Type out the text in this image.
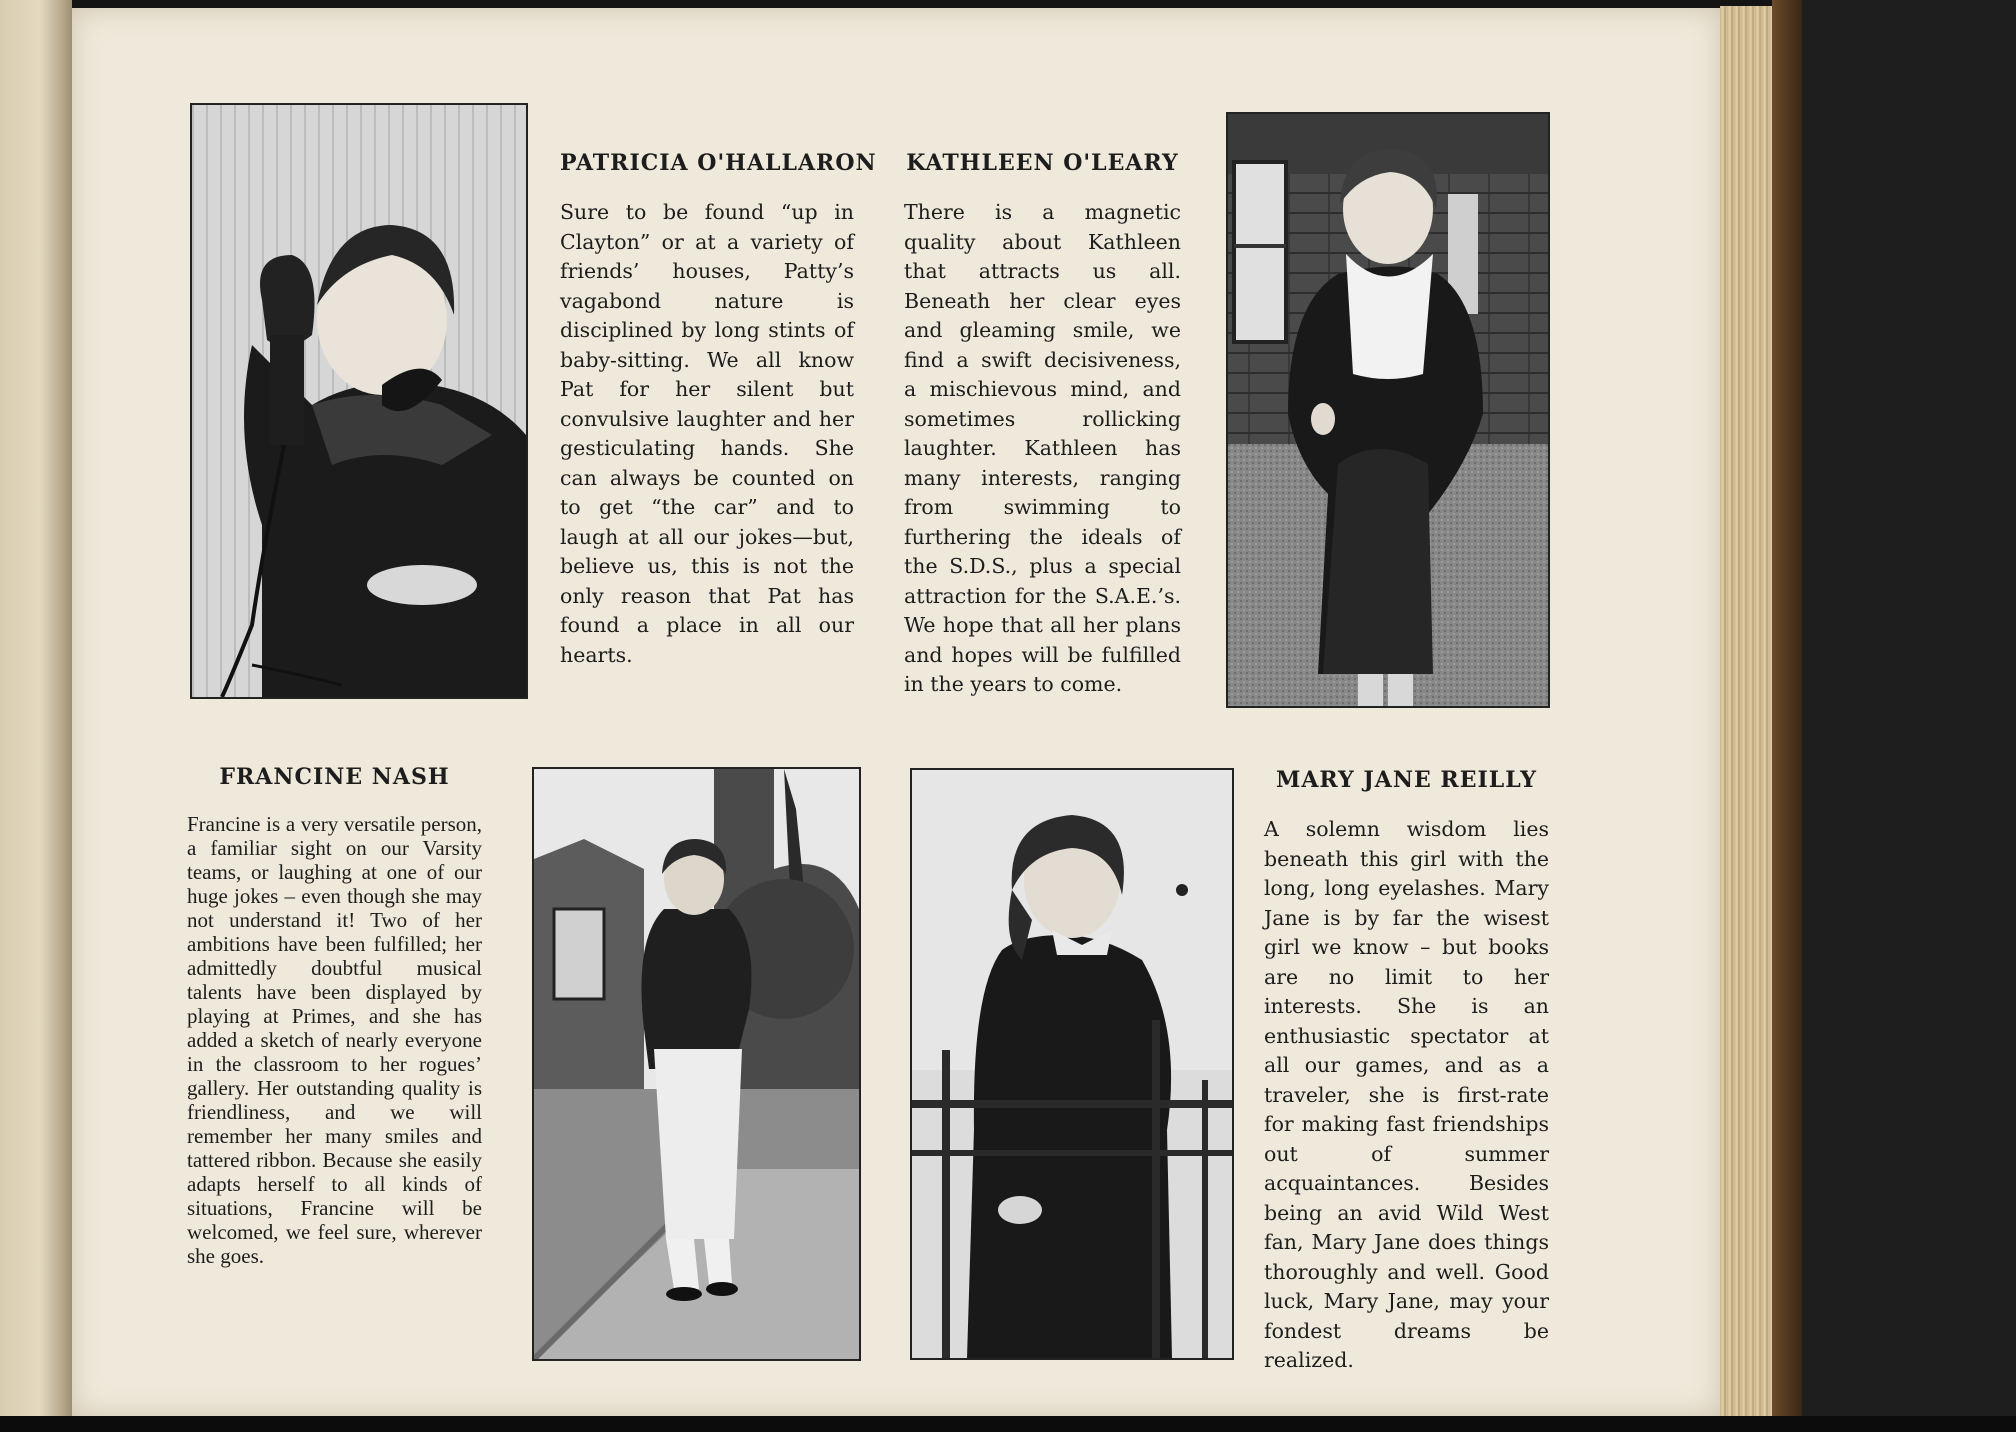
PATRICIA O'HALLARON

Sure to be found “up in Clayton” or at a variety of friends’ houses, Patty’s vagabond nature is disciplined by long stints of baby-sitting. We all know Pat for her silent but convulsive laughter and her gesticulating hands. She can always be counted on to get “the car” and to laugh at all our jokes—but, believe us, this is not the only reason that Pat has found a place in all our hearts.

KATHLEEN O'LEARY

There is a magnetic quality about Kathleen that attracts us all. Beneath her clear eyes and gleaming smile, we find a swift decisiveness, a mischievous mind, and sometimes rollicking laughter. Kathleen has many interests, ranging from swimming to furthering the ideals of the S.D.S., plus a special attraction for the S.A.E.’s. We hope that all her plans and hopes will be fulfilled in the years to come.

FRANCINE NASH

Francine is a very versatile person, a familiar sight on our Varsity teams, or laughing at one of our huge jokes – even though she may not understand it! Two of her ambitions have been fulfilled; her admittedly doubtful musical talents have been displayed by playing at Primes, and she has added a sketch of nearly everyone in the classroom to her rogues’ gallery. Her outstanding quality is friendliness, and we will remember her many smiles and tattered ribbon. Because she easily adapts herself to all kinds of situations, Francine will be welcomed, we feel sure, wherever she goes.

MARY JANE REILLY

A solemn wisdom lies beneath this girl with the long, long eyelashes. Mary Jane is by far the wisest girl we know – but books are no limit to her interests. She is an enthusiastic spectator at all our games, and as a traveler, she is first-rate for making fast friendships out of summer acquaintances. Besides being an avid Wild West fan, Mary Jane does things thoroughly and well. Good luck, Mary Jane, may your fondest dreams be realized.
